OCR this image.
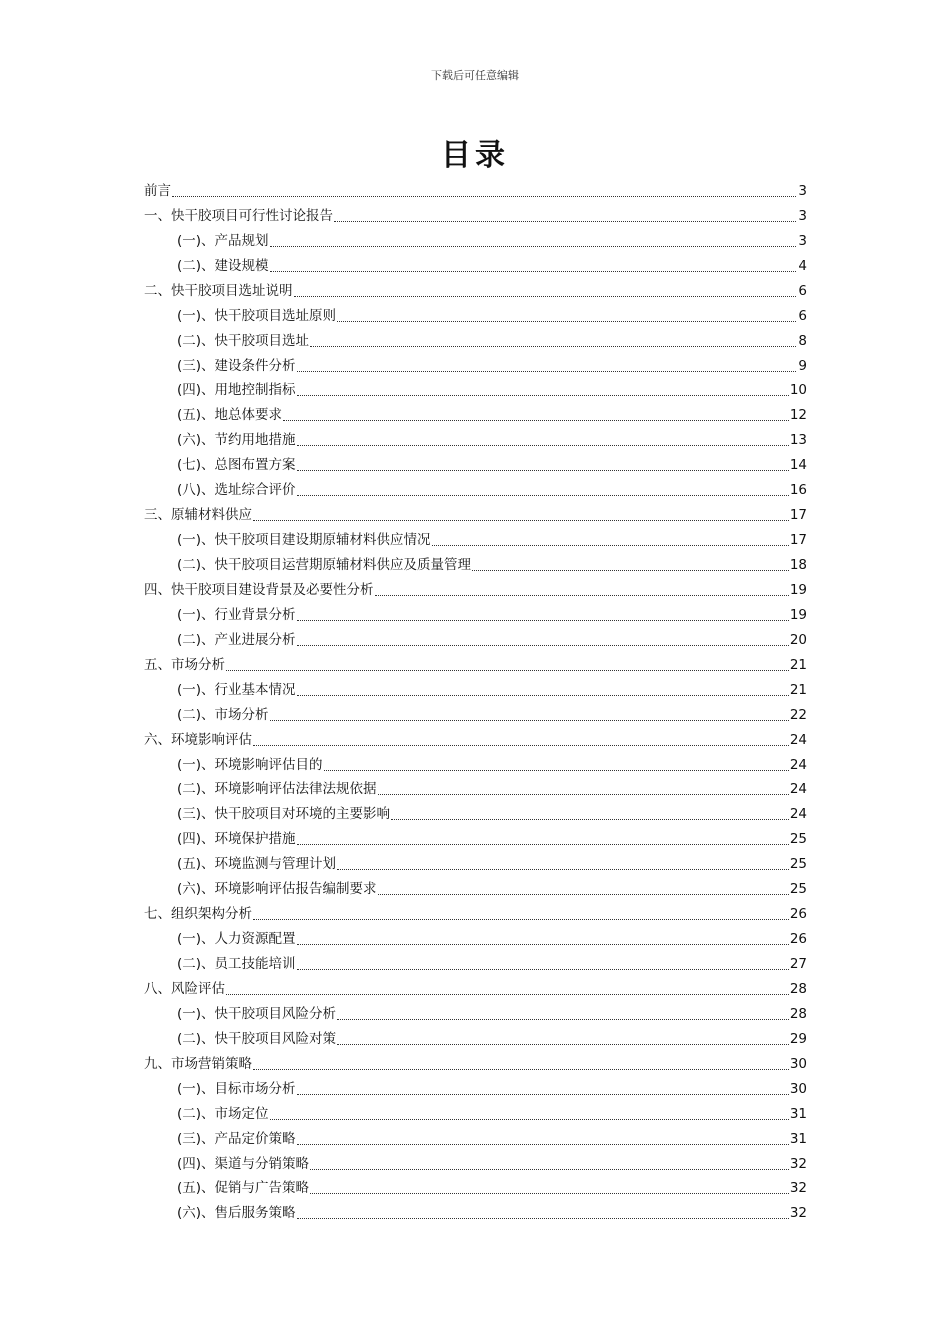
下载后可任意编辑
目录
前言	3
一、快干胶项目可行性讨论报告	3
(一)、产品规划	3
(二)、建设规模	4
二、快干胶项目选址说明	6
(一)、快干胶项目选址原则	6
(二)、快干胶项目选址	8
(三)、建设条件分析	9
(四)、用地控制指标	10
(五)、地总体要求	12
(六)、节约用地措施	13
(七)、总图布置方案	14
(八)、选址综合评价	16
三、原辅材料供应	17
(一)、快干胶项目建设期原辅材料供应情况	17
(二)、快干胶项目运营期原辅材料供应及质量管理	18
四、快干胶项目建设背景及必要性分析	19
(一)、行业背景分析	19
(二)、产业进展分析	20
五、市场分析	21
(一)、行业基本情况	21
(二)、市场分析	22
六、环境影响评估	24
(一)、环境影响评估目的	24
(二)、环境影响评估法律法规依据	24
(三)、快干胶项目对环境的主要影响	24
(四)、环境保护措施	25
(五)、环境监测与管理计划	25
(六)、环境影响评估报告编制要求	25
七、组织架构分析	26
(一)、人力资源配置	26
(二)、员工技能培训	27
八、风险评估	28
(一)、快干胶项目风险分析	28
(二)、快干胶项目风险对策	29
九、市场营销策略	30
(一)、目标市场分析	30
(二)、市场定位	31
(三)、产品定价策略	31
(四)、渠道与分销策略	32
(五)、促销与广告策略	32
(六)、售后服务策略	32
